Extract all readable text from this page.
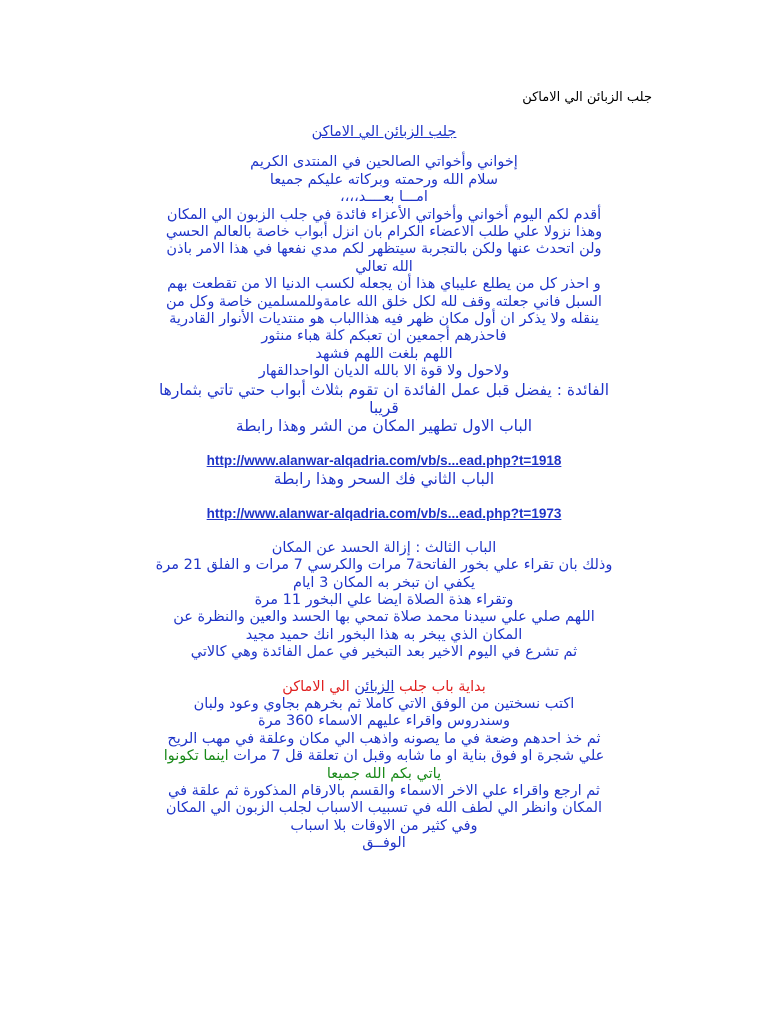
جلب الزبائن الي الاماكن

جلب الزبائن الي الاماكن

إخواني وأخواتي الصالحين في المنتدى الكريم

سلام الله ورحمته وبركاته عليكم جميعا

امـــا بعــــد،،،،

أقدم لكم اليوم أخواني وأخواتي الأعزاء فائدة في جلب الزبون الي المكان

وهذا نزولا علي طلب الاعضاء الكرام بان انزل أبواب خاصة بالعالم الحسي

ولن اتحدث عنها ولكن بالتجربة سيتظهر لكم مدي نفعها في هذا الامر باذن

الله تعالي

و احذر كل من يطلع عليباي هذا أن يجعله لكسب الدنيا الا من تقطعت بهم

السبل فاني جعلته وقف لله لكل خلق الله عامةوللمسلمين خاصة وكل من

ينقله ولا يذكر ان أول مكان ظهر فيه هذاالباب هو منتديات الأنوار القادرية

فاحذرهم أجمعين ان تعبكم كلة هباء منثور

اللهم بلغت اللهم فشهد

ولاحول ولا قوة الا بالله الديان الواحدالقهار

الفائدة : يفضل قبل عمل الفائدة ان تقوم بثلاث أبواب حتي تاتي بثمارها

قريبا

الباب الاول تطهير المكان من الشر وهذا رابطة

http://www.alanwar-alqadria.com/vb/s...ead.php?t=1918

الباب الثاني فك السحر وهذا رابطة

http://www.alanwar-alqadria.com/vb/s...ead.php?t=1973

الباب الثالث : إزالة الحسد عن المكان

وذلك بان تقراء علي بخور الفاتحة7 مرات والكرسي 7 مرات و الفلق 21 مرة

يكفي ان تبخر به المكان 3 ايام

وتقراء هذة الصلاة ايضا علي البخور 11 مرة

اللهم صلي علي سيدنا محمد صلاة تمحي بها الحسد والعين والنظرة عن

المكان الذي يبخر به هذا البخور انك حميد مجيد

ثم تشرع في اليوم الاخير بعد التبخير في عمل الفائدة وهي كالاتي

بداية باب جلب الزبائن الي الاماكن

اكتب نسختين من الوفق الاتي كاملا ثم بخرهم بجاوي وعود ولبان

وسندروس واقراء عليهم الاسماء 360 مرة

ثم خذ احدهم وضعة في ما يصونه واذهب الي مكان وعلقة في مهب الريح

علي شجرة او فوق بناية او ما شابه وقبل ان تعلقة قل 7 مرات اينما تكونوا

ياتي بكم الله جميعا

ثم ارجع واقراء علي الاخر الاسماء والقسم بالارقام المذكورة ثم علقة في

المكان وانظر الي لطف الله في تسبيب الاسباب لجلب الزبون الي المكان

وفي كثير من الاوقات بلا اسباب

الوفــق
